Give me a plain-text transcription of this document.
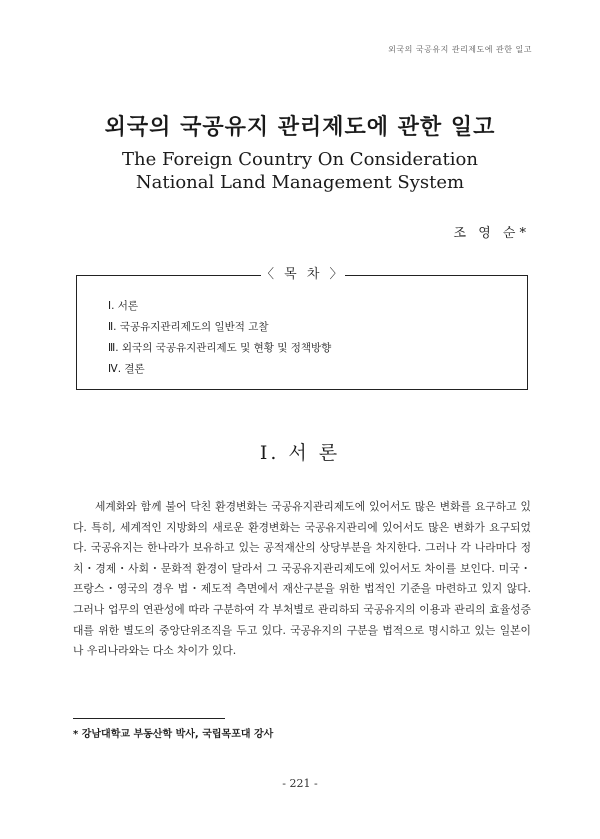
외국의 국공유지 관리제도에 관한 일고
외국의 국공유지 관리제도에 관한 일고
The Foreign Country On Consideration
National Land Management System
조 영 순*
〈 목 차 〉
Ⅰ. 서론
Ⅱ. 국공유지관리제도의 일반적 고찰
Ⅲ. 외국의 국공유지관리제도 및 현황 및 정책방향
Ⅳ. 결론
Ⅰ. 서 론

세계화와 함께 불어 닥친 환경변화는 국공유지관리제도에 있어서도 많은 변화를 요구하고 있다. 특히, 세계적인 지방화의 새로운 환경변화는 국공유지관리에 있어서도 많은 변화가 요구되었다. 국공유지는 한나라가 보유하고 있는 공적재산의 상당부분을 차지한다. 그러나 각 나라마다 정치・경제・사회・문화적 환경이 달라서 그 국공유지관리제도에 있어서도 차이를 보인다. 미국・프랑스・영국의 경우 법・제도적 측면에서 재산구분을 위한 법적인 기준을 마련하고 있지 않다. 그러나 업무의 연관성에 따라 구분하여 각 부처별로 관리하되 국공유지의 이용과 관리의 효율성증대를 위한 별도의 중앙단위조직을 두고 있다. 국공유지의 구분을 법적으로 명시하고 있는 일본이나 우리나라와는 다소 차이가 있다.

* 강남대학교 부동산학 박사, 국립목포대 강사
- 221 -
